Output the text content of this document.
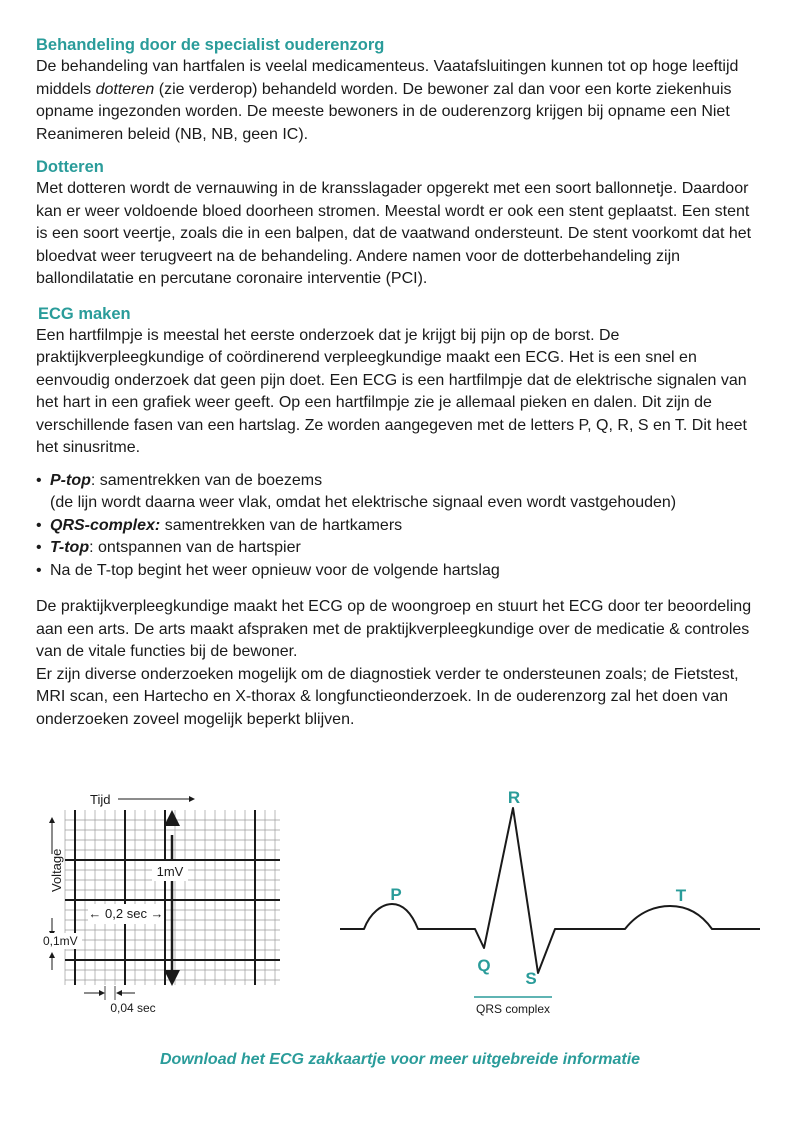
Behandeling door de specialist ouderenzorg

De behandeling van hartfalen is veelal medicamenteus. Vaatafsluitingen kunnen tot op hoge leeftijd middels dotteren (zie verderop) behandeld worden. De bewoner zal dan voor een korte ziekenhuis opname ingezonden worden. De meeste bewoners in de ouderenzorg krijgen bij opname een Niet Reanimeren beleid (NB, NB, geen IC).

Dotteren

Met dotteren wordt de vernauwing in de kransslagader opgerekt met een soort ballonnetje. Daardoor kan er weer voldoende bloed doorheen stromen. Meestal wordt er ook een stent geplaatst. Een stent is een soort veertje, zoals die in een balpen, dat de vaatwand ondersteunt. De stent voorkomt dat het bloedvat weer terugveert na de behandeling. Andere namen voor de dotterbehandeling zijn ballondilatatie en percutane coronaire interventie (PCI).

ECG maken

Een hartfilmpje is meestal het eerste onderzoek dat je krijgt bij pijn op de borst. De praktijkverpleegkundige of coördinerend verpleegkundige maakt een ECG. Het is een snel en eenvoudig onderzoek dat geen pijn doet. Een ECG is een hartfilmpje dat de elektrische signalen van het hart in een grafiek weer geeft. Op een hartfilmpje zie je allemaal pieken en dalen. Dit zijn de verschillende fasen van een hartslag. Ze worden aangegeven met de letters P, Q, R, S en T. Dit heet het sinusritme.

• P-top: samentrekken van de boezems
(de lijn wordt daarna weer vlak, omdat het elektrische signaal even wordt vastgehouden)
• QRS-complex: samentrekken van de hartkamers
• T-top: ontspannen van de hartspier
• Na de T-top begint het weer opnieuw voor de volgende hartslag

De praktijkverpleegkundige maakt het ECG op de woongroep en stuurt het ECG door ter beoordeling aan een arts. De arts maakt afspraken met de praktijkverpleegkundige over de medicatie & controles van de vitale functies bij de bewoner.

Er zijn diverse onderzoeken mogelijk om de diagnostiek verder te ondersteunen zoals; de Fietstest, MRI scan, een Hartecho en X-thorax & longfunctieonderzoek. In de ouderenzorg zal het doen van onderzoeken zoveel mogelijk beperkt blijven.

1mV
Tijd
Voltage
← 0,2 sec →
0,1mV
0,04 sec
P
R
Q
S
T
QRS complex
Download het ECG zakkaartje voor meer uitgebreide informatie
